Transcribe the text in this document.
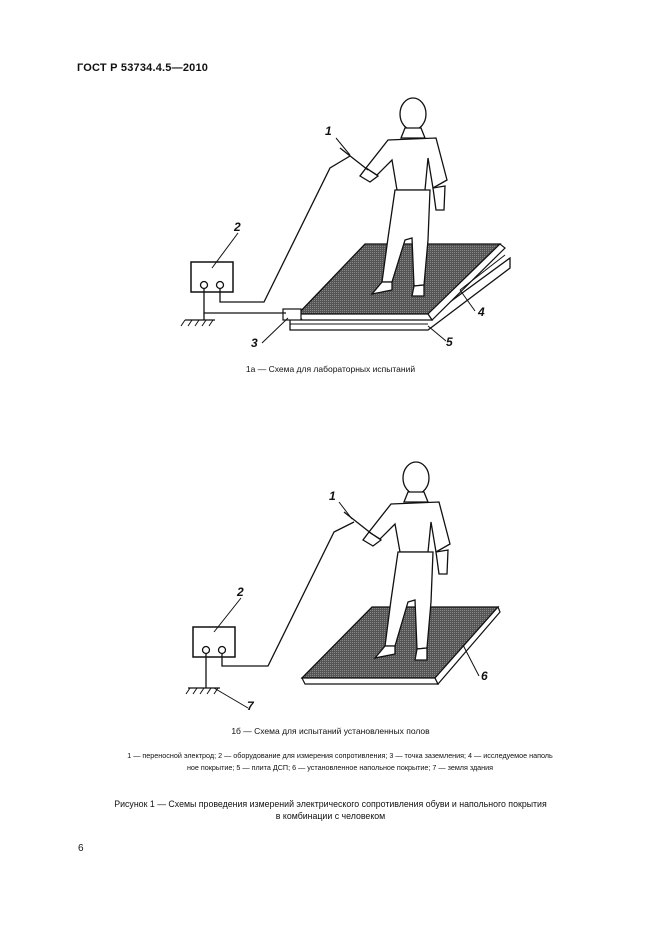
ГОСТ Р 53734.4.5—2010
1
2
3
4
5
1а — Схема для лабораторных испытаний
1
2
6
7
1б — Схема для испытаний установленных полов
1 — переносной электрод; 2 — оборудование для измерения сопротивления; 3 — точка заземления; 4 — исследуемое наполь
ное покрытие; 5 — плита ДСП; 6 — установленное напольное покрытие; 7 — земля здания
Рисунок 1 — Схемы проведения измерений электрического сопротивления обуви и напольного покрытия
в комбинации с человеком
6
